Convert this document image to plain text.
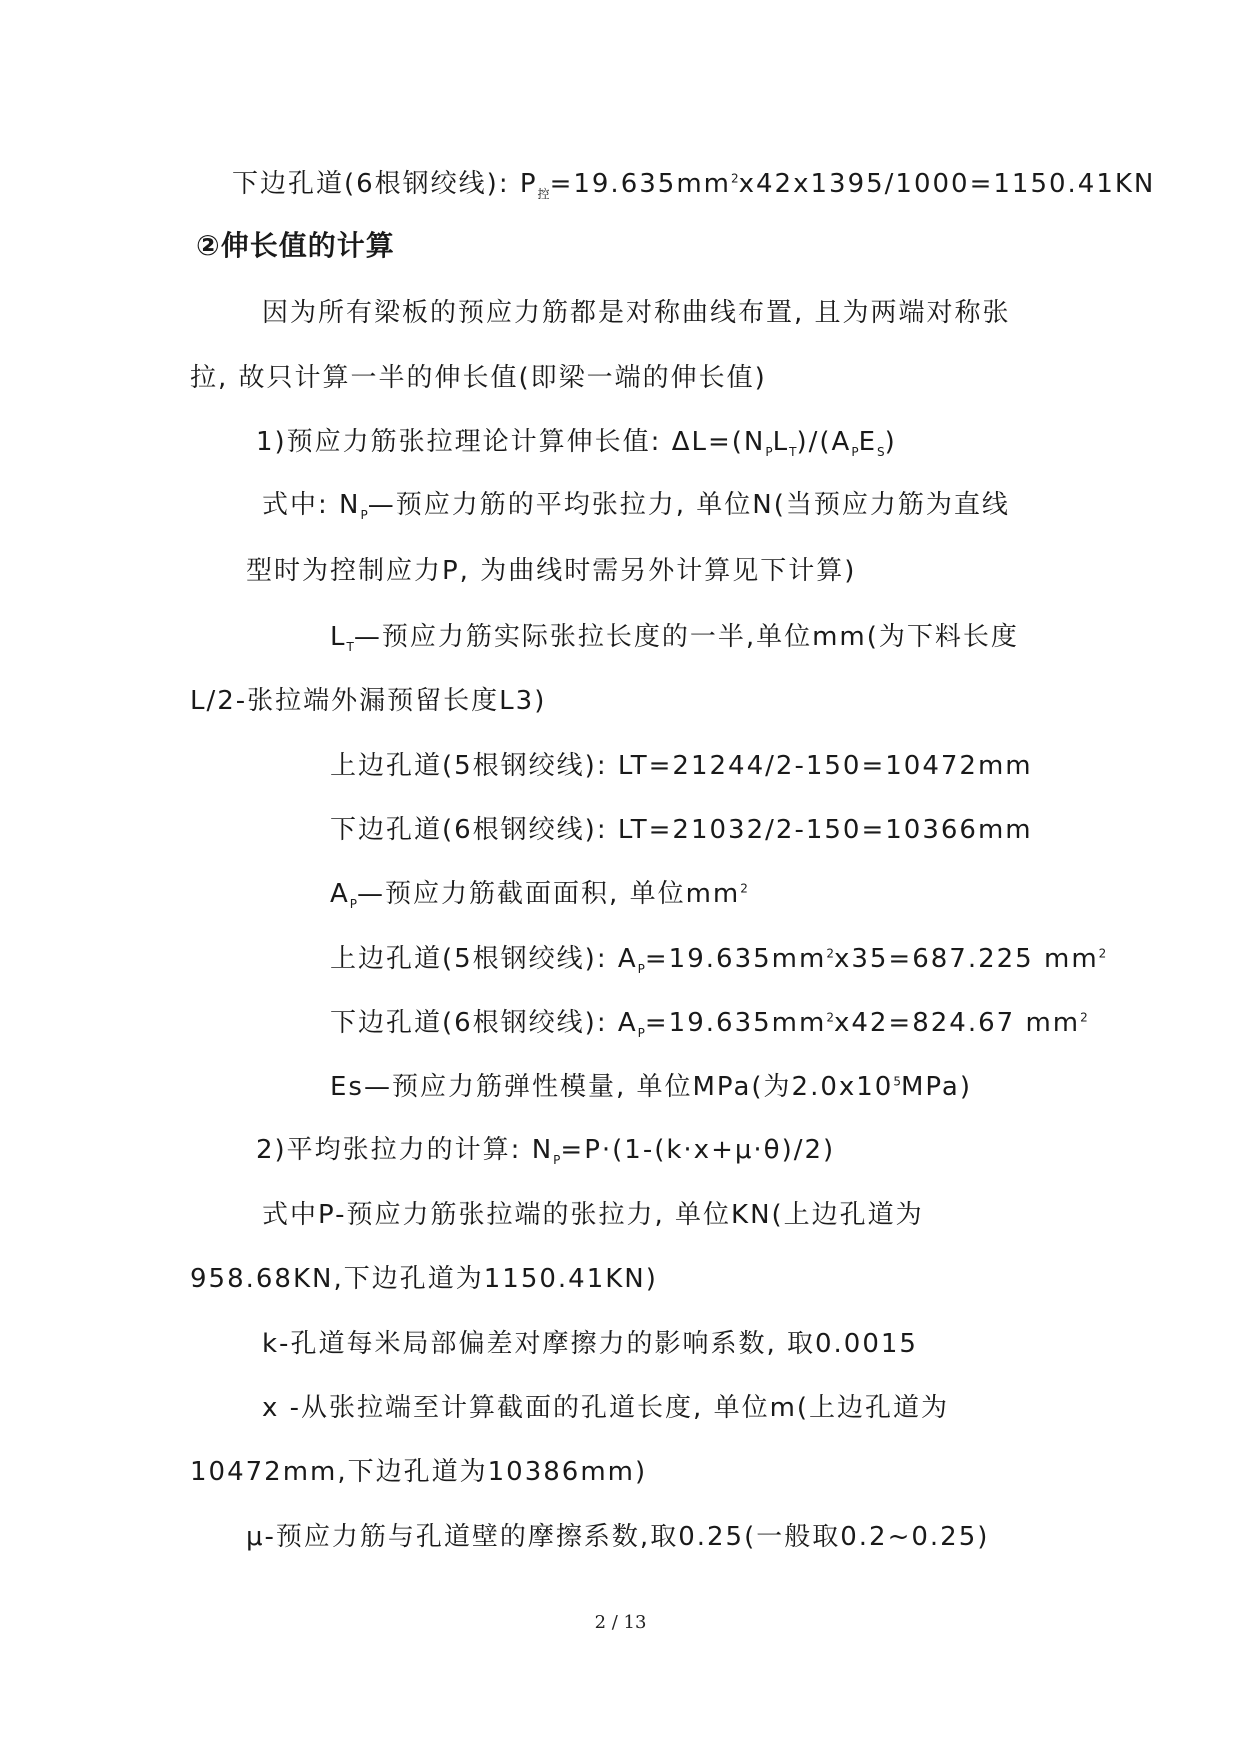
下边孔道(6根钢绞线): $P_控=19.635mm^2x42x1395/1000=1150.41KN$
②伸长值的计算
因为所有梁板的预应力筋都是对称曲线布置, 且为两端对称张
拉, 故只计算一半的伸长值(即梁一端的伸长值)
1)预应力筋张拉理论计算伸长值: $\Delta L=(N_PL_T)/(A_PE_S)$
式中: $N_P—$预应力筋的平均张拉力, 单位N(当预应力筋为直线
型时为控制应力P, 为曲线时需另外计算见下计算)
$L_T—$预应力筋实际张拉长度的一半,单位mm(为下料长度
L/2-张拉端外漏预留长度L3)
上边孔道(5根钢绞线): LT=21244/2-150=10472mm
下边孔道(6根钢绞线): LT=21032/2-150=10366mm
$A_P—$预应力筋截面面积, 单位$mm^2$
上边孔道(5根钢绞线): $A_P=19.635mm^2x35=687.225$ $mm^2$
下边孔道(6根钢绞线): $A_P=19.635mm^2x42=824.67$ $mm^2$
Es—预应力筋弹性模量, 单位MPa(为$2.0x10^5MPa$)
2)平均张拉力的计算: $N_P=P\cdot(1-(k\cdot x+\mu\cdot\theta)/2)$
式中P-预应力筋张拉端的张拉力, 单位KN(上边孔道为
958.68KN,下边孔道为1150.41KN)
k-孔道每米局部偏差对摩擦力的影响系数, 取0.0015
x -从张拉端至计算截面的孔道长度, 单位m(上边孔道为
10472mm,下边孔道为10386mm)
μ-预应力筋与孔道壁的摩擦系数,取0.25(一般取0.2~0.25)
2 / 13
